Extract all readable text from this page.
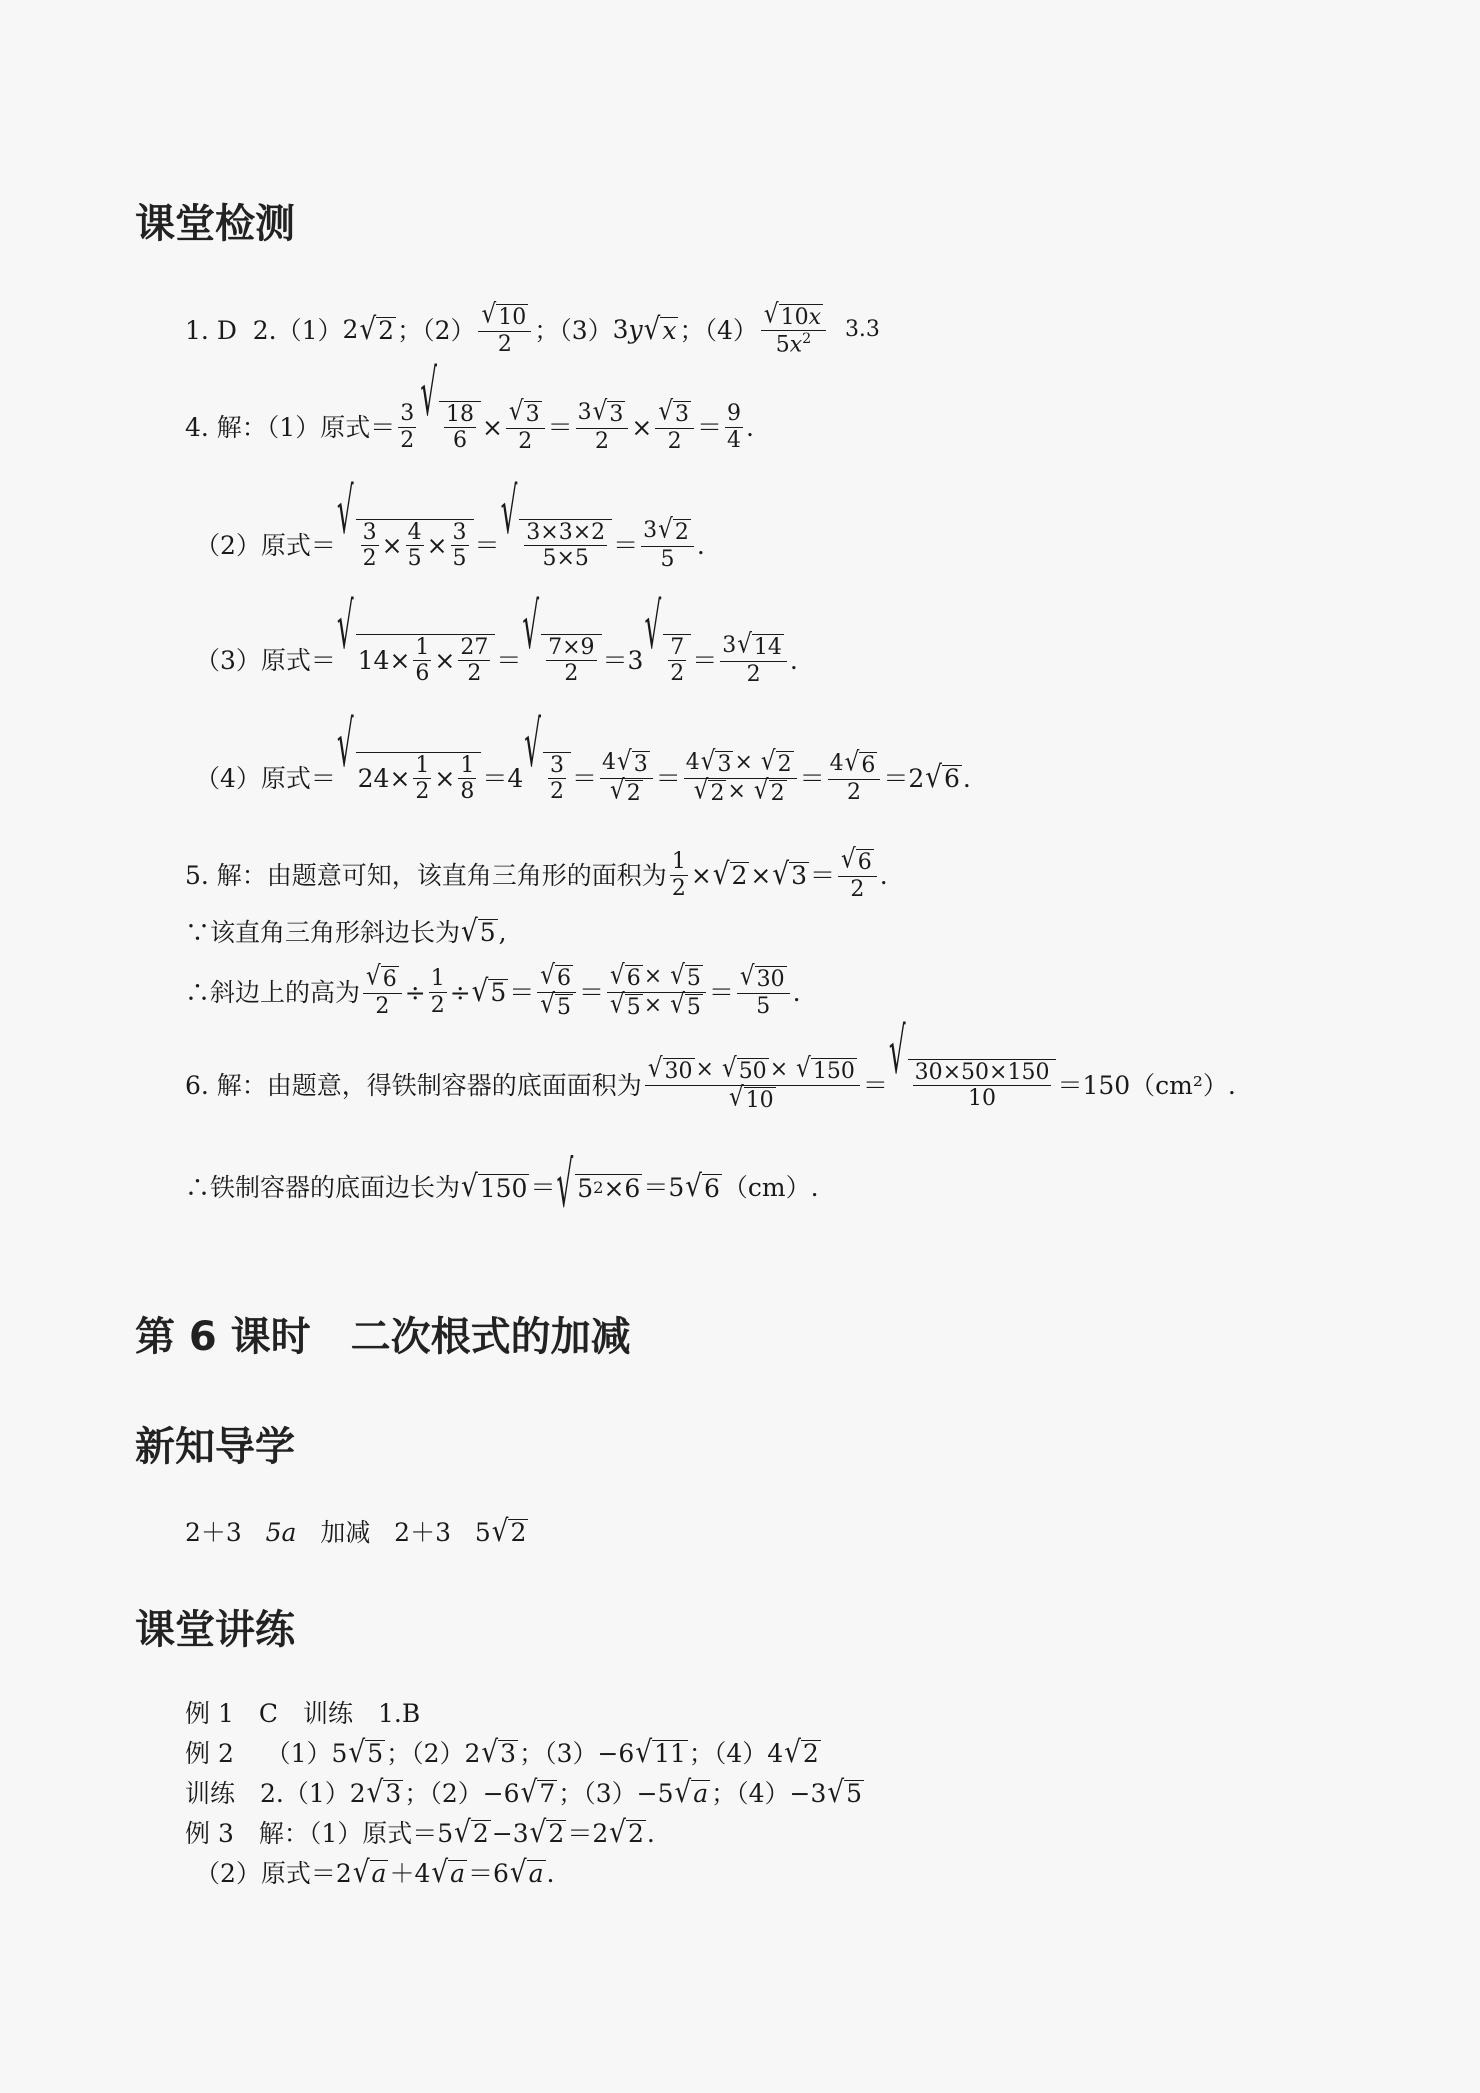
课堂检测
1.
D
2. （1） 2 √ 2 ；（2）
√ 10
2 ；（3） 3y √ x ；（4）
√ 10 x
$5x^2$
3.3
4. 解：（1）原式＝ 3
2
√ 18
6 ×
√ 3
2 ＝ 3 √ 3
2 ×
√ 3
2 ＝ 9
4 .
（2）原式＝ √ 3
2 × 4
5 × 3
5 ＝ √ 3×3×2
5×5 ＝ 3 √ 2
5 .
（3）原式＝ √ 14× 1
6 × 27
2 ＝ √ 7×9
2 ＝3 √ 7
2 ＝ 3 √ 14
2 .
（4）原式＝ √ 24× 1
2 × 1
8 ＝4 √ 3
2 ＝
4 √ 3
√ 2
＝
4 √ 3 × √ 2
√ 2 × √ 2
＝ 4 √ 6
2 ＝2 √ 6 .
5. 解：由题意可知，该直角三角形的面积为 1
2 × √ 2 × √ 3 ＝
√ 6
2 .
∵该直角三角形斜边长为 √ 5 ,
∴斜边上的高为
√ 6
2 ÷ 1
2 ÷ √ 5 ＝
√ 6
√ 5
＝
√ 6 × √ 5
√ 5 × √ 5
＝
√ 30
5 .
6. 解：由题意，得铁制容器的底面面积为
√ 30 × √ 50 × √ 150
√ 10
＝ √ 30×50×150
10 ＝150（cm²）.
∴铁制容器的底面边长为 √ 150 ＝ √ 5 2 ×6 ＝5 √ 6 （cm）.
第 6 课时　二次根式的加减
新知导学
2＋3
5a
加减
2＋3
5 √ 2
课堂讲练
例 1　C　训练　1.B
例 2 （1）5 √ 5 ；（2）2 √ 3 ；（3）−6 √ 11 ；（4）4 √ 2
训练　2. （1）2 √ 3 ；（2）−6 √ 7 ；（3）−5 √ a ；（4）−3 √ 5
例 3　解：（1）原式＝ 5 √ 2 −3 √ 2 ＝2 √ 2 .
（2）原式＝ 2 √ a ＋4 √ a ＝6 √ a .
